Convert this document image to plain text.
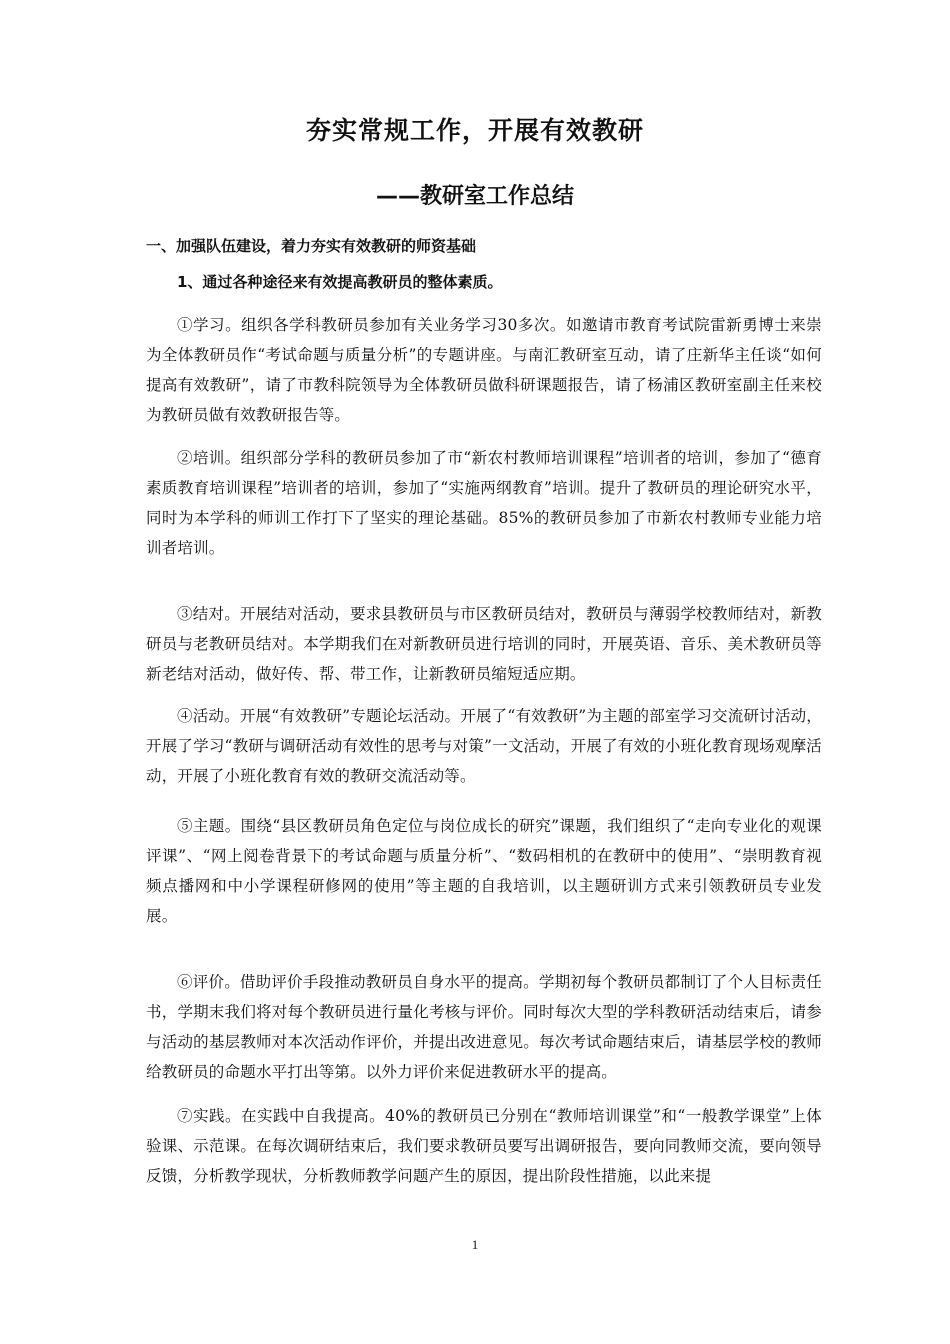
夯实常规工作，开展有效教研
——教研室工作总结
一、加强队伍建设，着力夯实有效教研的师资基础
1、通过各种途径来有效提高教研员的整体素质。

①学习。组织各学科教研员参加有关业务学习30多次。如邀请市教育考试院雷新勇博士来崇为全体教研员作“考试命题与质量分析”的专题讲座。与南汇教研室互动，请了庄新华主任谈“如何提高有效教研”，请了市教科院领导为全体教研员做科研课题报告，请了杨浦区教研室副主任来校为教研员做有效教研报告等。

②培训。组织部分学科的教研员参加了市“新农村教师培训课程”培训者的培训，参加了“德育素质教育培训课程”培训者的培训，参加了“实施两纲教育”培训。提升了教研员的理论研究水平，同时为本学科的师训工作打下了坚实的理论基础。85%的教研员参加了市新农村教师专业能力培训者培训。

③结对。开展结对活动，要求县教研员与市区教研员结对，教研员与薄弱学校教师结对，新教研员与老教研员结对。本学期我们在对新教研员进行培训的同时，开展英语、音乐、美术教研员等新老结对活动，做好传、帮、带工作，让新教研员缩短适应期。

④活动。开展“有效教研”专题论坛活动。开展了“有效教研”为主题的部室学习交流研讨活动，开展了学习“教研与调研活动有效性的思考与对策”一文活动，开展了有效的小班化教育现场观摩活动，开展了小班化教育有效的教研交流活动等。

⑤主题。围绕“县区教研员角色定位与岗位成长的研究”课题，我们组织了“走向专业化的观课评课”、“网上阅卷背景下的考试命题与质量分析”、“数码相机的在教研中的使用”、“崇明教育视频点播网和中小学课程研修网的使用”等主题的自我培训，以主题研训方式来引领教研员专业发展。

⑥评价。借助评价手段推动教研员自身水平的提高。学期初每个教研员都制订了个人目标责任书，学期末我们将对每个教研员进行量化考核与评价。同时每次大型的学科教研活动结束后，请参与活动的基层教师对本次活动作评价，并提出改进意见。每次考试命题结束后，请基层学校的教师给教研员的命题水平打出等第。以外力评价来促进教研水平的提高。

⑦实践。在实践中自我提高。40%的教研员已分别在“教师培训课堂”和“一般教学课堂”上体验课、示范课。在每次调研结束后，我们要求教研员要写出调研报告，要向同教师交流，要向领导反馈，分析教学现状，分析教师教学问题产生的原因，提出阶段性措施，以此来提

1
